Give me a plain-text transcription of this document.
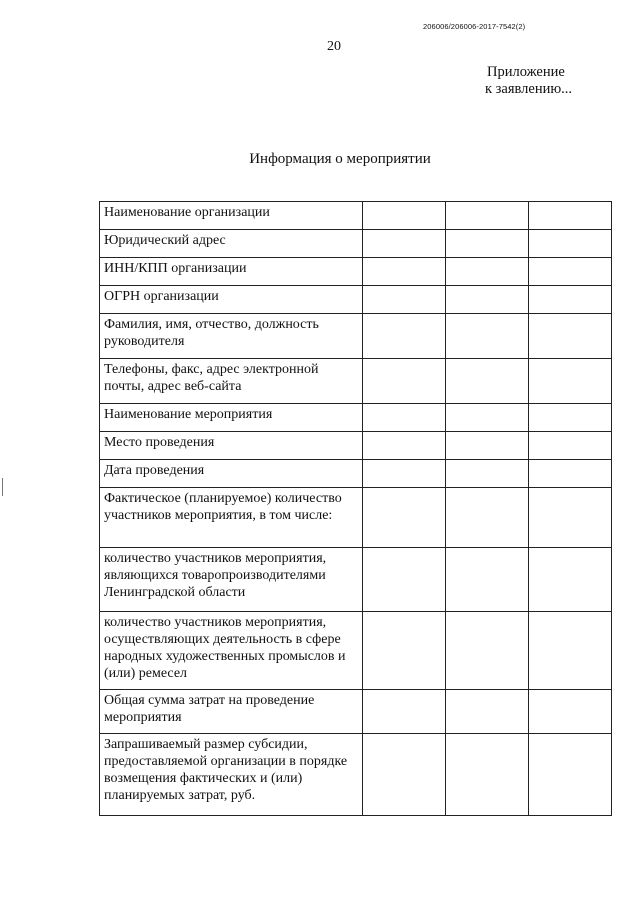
206006/206006-2017-7542(2)
20
Приложение
к заявлению...
Информация о мероприятии
Наименование организации			
Юридический адрес			
ИНН/КПП организации			
ОГРН организации			
Фамилия, имя, отчество, должность руководителя			
Телефоны, факс, адрес электронной почты, адрес веб-сайта			
Наименование мероприятия			
Место проведения			
Дата проведения			
Фактическое (планируемое) количество участников мероприятия, в том числе:			
количество участников мероприятия, являющихся товаропроизводителями Ленинградской области			
количество участников мероприятия, осуществляющих деятельность в сфере народных художественных промыслов и (или) ремесел			
Общая сумма затрат на проведение мероприятия			
Запрашиваемый размер субсидии, предоставляемой организации в порядке возмещения фактических и (или) планируемых затрат, руб.			
